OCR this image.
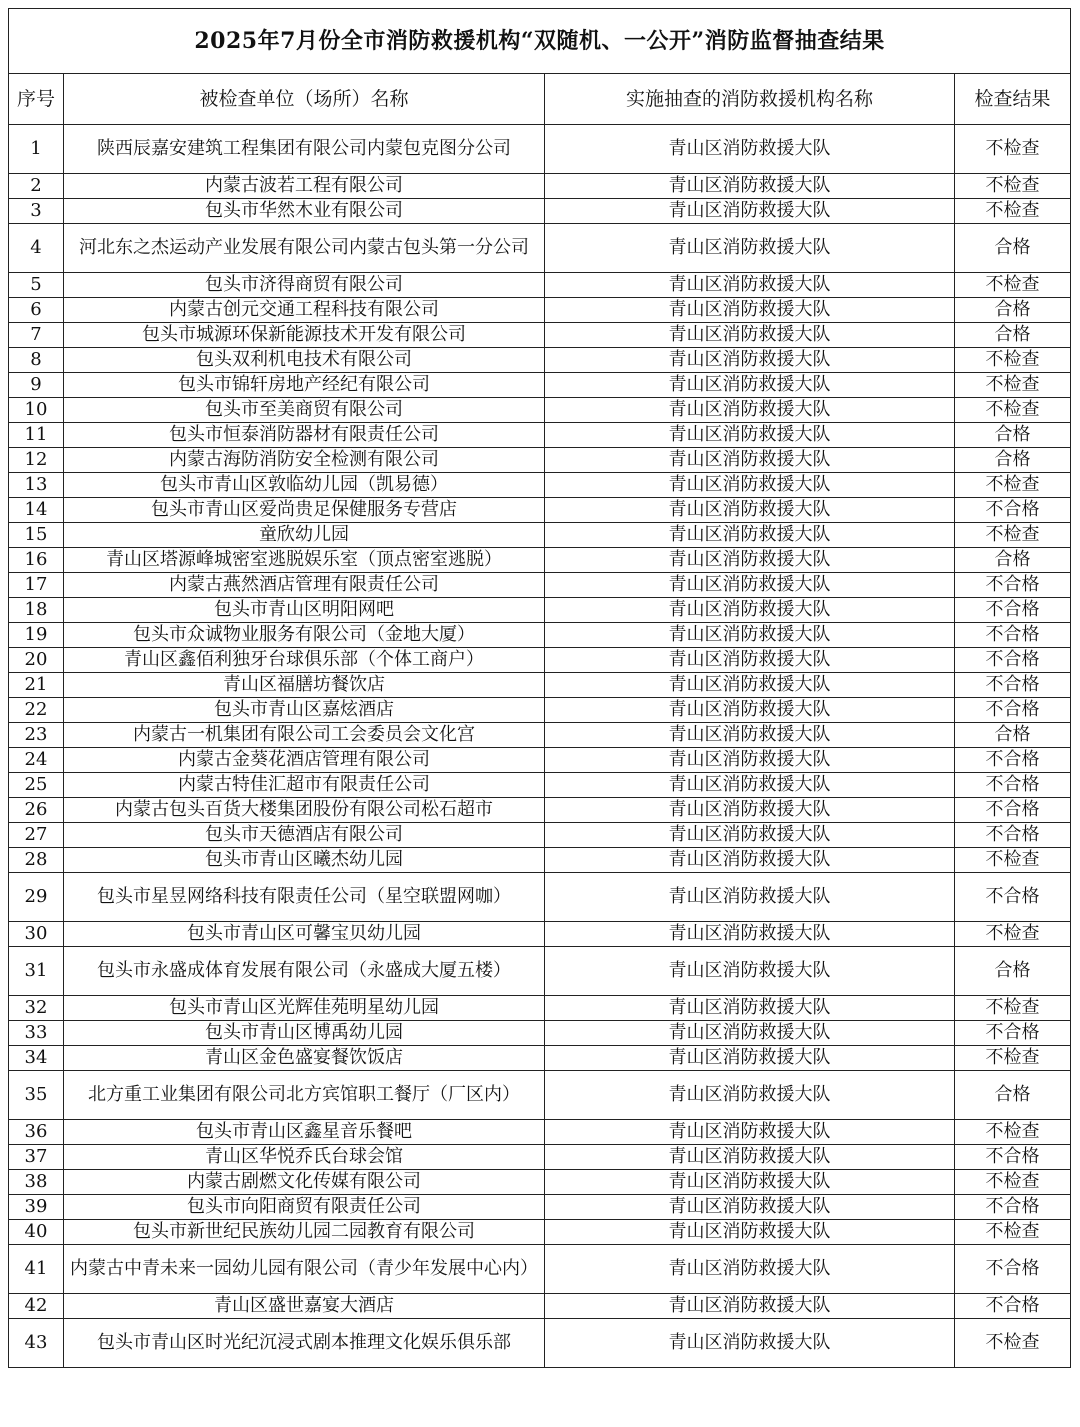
2025年7月份全市消防救援机构“双随机、一公开”消防监督抽查结果			
序号	被检查单位（场所）名称	实施抽查的消防救援机构名称	检查结果
1	陕西辰嘉安建筑工程集团有限公司内蒙包克图分公司	青山区消防救援大队	不检查
2	内蒙古波若工程有限公司	青山区消防救援大队	不检查
3	包头市华然木业有限公司	青山区消防救援大队	不检查
4	河北东之杰运动产业发展有限公司内蒙古包头第一分公司	青山区消防救援大队	合格
5	包头市济得商贸有限公司	青山区消防救援大队	不检查
6	内蒙古创元交通工程科技有限公司	青山区消防救援大队	合格
7	包头市城源环保新能源技术开发有限公司	青山区消防救援大队	合格
8	包头双利机电技术有限公司	青山区消防救援大队	不检查
9	包头市锦轩房地产经纪有限公司	青山区消防救援大队	不检查
10	包头市至美商贸有限公司	青山区消防救援大队	不检查
11	包头市恒泰消防器材有限责任公司	青山区消防救援大队	合格
12	内蒙古海防消防安全检测有限公司	青山区消防救援大队	合格
13	包头市青山区敦临幼儿园（凯易德）	青山区消防救援大队	不检查
14	包头市青山区爱尚贵足保健服务专营店	青山区消防救援大队	不合格
15	童欣幼儿园	青山区消防救援大队	不检查
16	青山区塔源峰城密室逃脱娱乐室（顶点密室逃脱）	青山区消防救援大队	合格
17	内蒙古燕然酒店管理有限责任公司	青山区消防救援大队	不合格
18	包头市青山区明阳网吧	青山区消防救援大队	不合格
19	包头市众诚物业服务有限公司（金地大厦）	青山区消防救援大队	不合格
20	青山区鑫佰利独牙台球俱乐部（个体工商户）	青山区消防救援大队	不合格
21	青山区福膳坊餐饮店	青山区消防救援大队	不合格
22	包头市青山区嘉炫酒店	青山区消防救援大队	不合格
23	内蒙古一机集团有限公司工会委员会文化宫	青山区消防救援大队	合格
24	内蒙古金葵花酒店管理有限公司	青山区消防救援大队	不合格
25	内蒙古特佳汇超市有限责任公司	青山区消防救援大队	不合格
26	内蒙古包头百货大楼集团股份有限公司松石超市	青山区消防救援大队	不合格
27	包头市天德酒店有限公司	青山区消防救援大队	不合格
28	包头市青山区曦杰幼儿园	青山区消防救援大队	不检查
29	包头市星昱网络科技有限责任公司（星空联盟网咖）	青山区消防救援大队	不合格
30	包头市青山区可馨宝贝幼儿园	青山区消防救援大队	不检查
31	包头市永盛成体育发展有限公司（永盛成大厦五楼）	青山区消防救援大队	合格
32	包头市青山区光辉佳苑明星幼儿园	青山区消防救援大队	不检查
33	包头市青山区博禹幼儿园	青山区消防救援大队	不合格
34	青山区金色盛宴餐饮饭店	青山区消防救援大队	不检查
35	北方重工业集团有限公司北方宾馆职工餐厅（厂区内）	青山区消防救援大队	合格
36	包头市青山区鑫星音乐餐吧	青山区消防救援大队	不检查
37	青山区华悦乔氏台球会馆	青山区消防救援大队	不合格
38	内蒙古剧燃文化传媒有限公司	青山区消防救援大队	不检查
39	包头市向阳商贸有限责任公司	青山区消防救援大队	不合格
40	包头市新世纪民族幼儿园二园教育有限公司	青山区消防救援大队	不检查
41	内蒙古中青未来一园幼儿园有限公司（青少年发展中心内）	青山区消防救援大队	不合格
42	青山区盛世嘉宴大酒店	青山区消防救援大队	不合格
43	包头市青山区时光纪沉浸式剧本推理文化娱乐俱乐部	青山区消防救援大队	不检查
